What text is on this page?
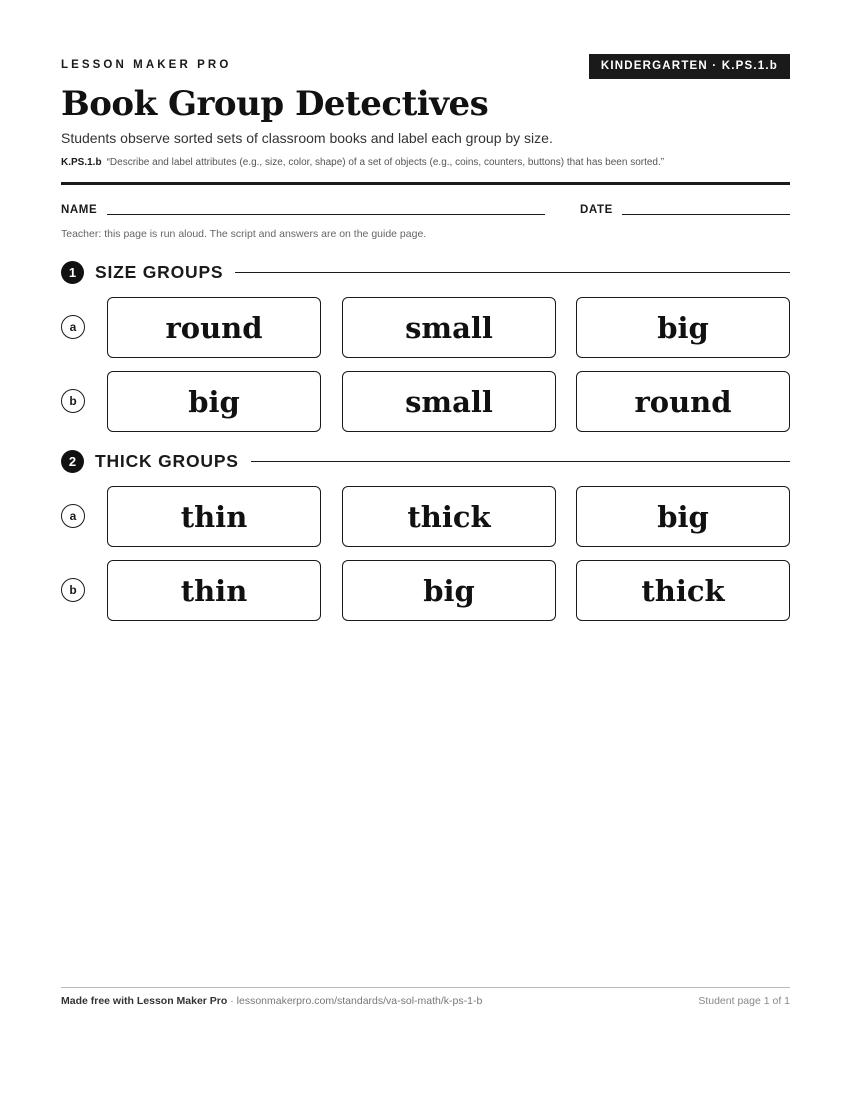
LESSON MAKER PRO	KINDERGARTEN · K.PS.1.b
Book Group Detectives
Students observe sorted sets of classroom books and label each group by size.
K.PS.1.b “Describe and label attributes (e.g., size, color, shape) of a set of objects (e.g., coins, counters, buttons) that has been sorted.”
NAME	DATE
Teacher: this page is run aloud. The script and answers are on the guide page.
1	SIZE GROUPS
a	round	small	big
b	big	small	round
2	THICK GROUPS
a	thin	thick	big
b	thin	big	thick
Made free with Lesson Maker Pro · lessonmakerpro.com/standards/va-sol-math/k-ps-1-b	Student page 1 of 1
